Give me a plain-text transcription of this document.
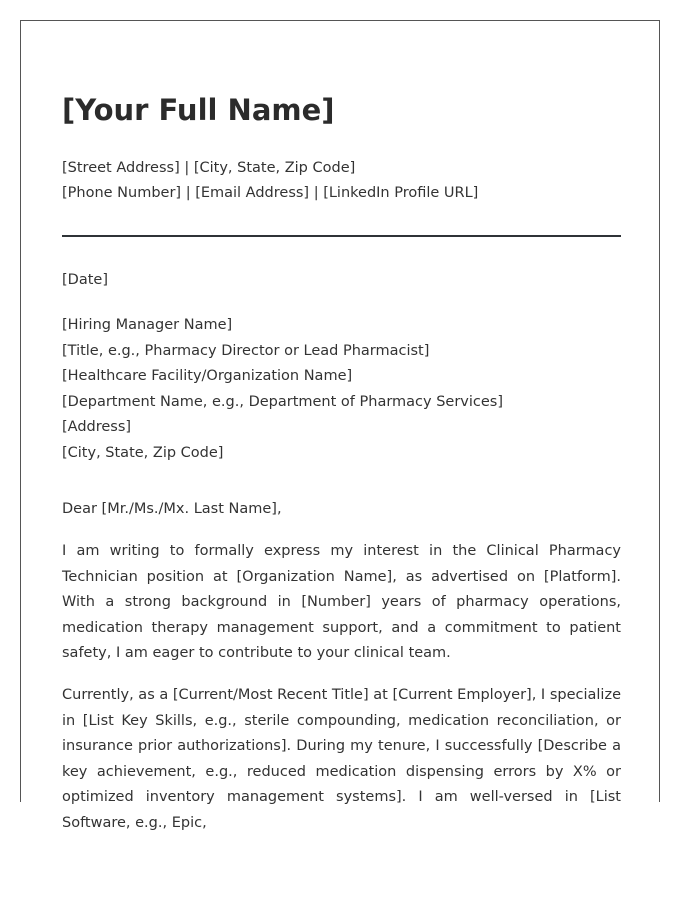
[Your Full Name]
[Street Address] | [City, State, Zip Code]
[Phone Number] | [Email Address] | [LinkedIn Profile URL]
[Date]
[Hiring Manager Name]
[Title, e.g., Pharmacy Director or Lead Pharmacist]
[Healthcare Facility/Organization Name]
[Department Name, e.g., Department of Pharmacy Services]
[Address]
[City, State, Zip Code]
Dear [Mr./Ms./Mx. Last Name],

I am writing to formally express my interest in the Clinical Pharmacy Technician position at [Organization Name], as advertised on [Platform]. With a strong background in [Number] years of pharmacy operations, medication therapy management support, and a commitment to patient safety, I am eager to contribute to your clinical team.

Currently, as a [Current/Most Recent Title] at [Current Employer], I specialize in [List Key Skills, e.g., sterile compounding, medication reconciliation, or insurance prior authorizations]. During my tenure, I successfully [Describe a key achievement, e.g., reduced medication dispensing errors by X% or optimized inventory management systems]. I am well-versed in [List Software, e.g., Epic,
